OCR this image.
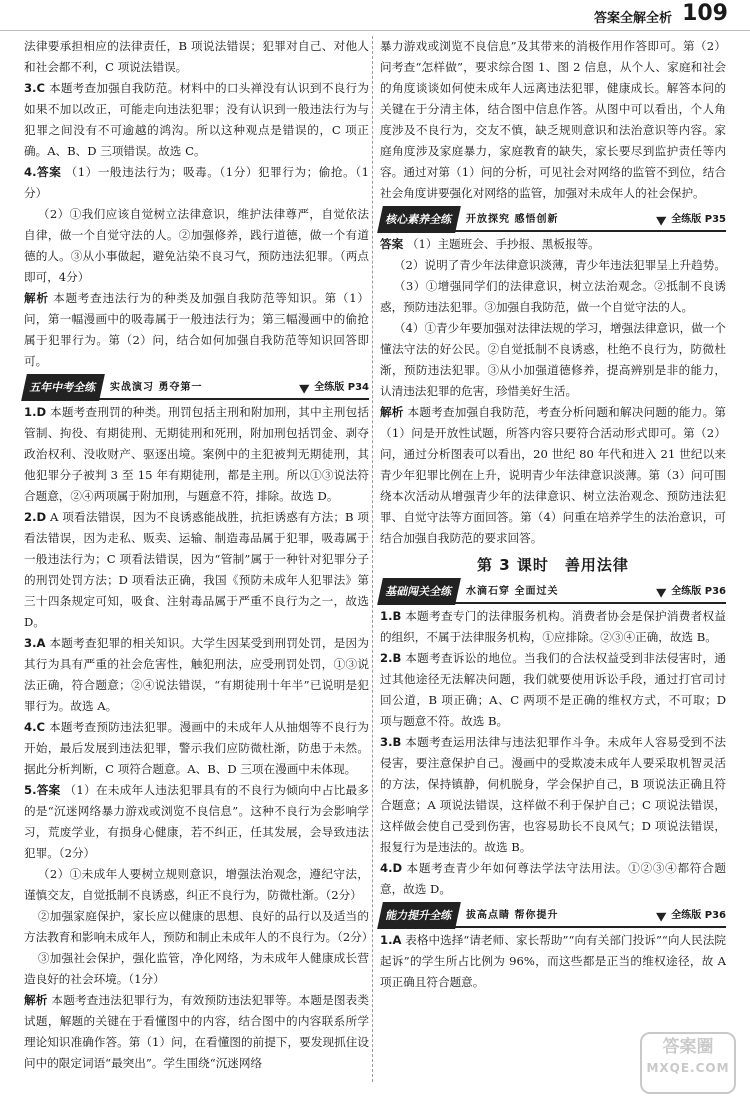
答案全解全析 109

法律要承担相应的法律责任，B 项说法错误；犯罪对自己、对他人和社会都不利，C 项说法错误。

3.C 本题考查加强自我防范。材料中的口头禅没有认识到不良行为如果不加以改正，可能走向违法犯罪；没有认识到一般违法行为与犯罪之间没有不可逾越的鸿沟。所以这种观点是错误的，C 项正确。A、B、D 三项错误。故选 C。

4.答案 （1）一般违法行为；吸毒。（1分）犯罪行为；偷抢。（1分）

（2）①我们应该自觉树立法律意识，维护法律尊严，自觉依法自律，做一个自觉守法的人。②加强修养，践行道德，做一个有道德的人。③从小事做起，避免沾染不良习气，预防违法犯罪。（两点即可，4分）

解析 本题考查违法行为的种类及加强自我防范等知识。第（1）问，第一幅漫画中的吸毒属于一般违法行为；第三幅漫画中的偷抢属于犯罪行为。第（2）问，结合如何加强自我防范等知识回答即可。

五年中考全练	实战演习 勇夺第一	全练版 P34

1.D 本题考查刑罚的种类。刑罚包括主刑和附加刑，其中主刑包括管制、拘役、有期徒刑、无期徒刑和死刑，附加刑包括罚金、剥夺政治权利、没收财产、驱逐出境。案例中的主犯被判无期徒刑，其他犯罪分子被判 3 至 15 年有期徒刑，都是主刑。所以①③说法符合题意，②④两项属于附加刑，与题意不符，排除。故选 D。

2.D A 项看法错误，因为不良诱惑能战胜，抗拒诱惑有方法；B 项看法错误，因为走私、贩卖、运输、制造毒品属于犯罪，吸毒属于一般违法行为；C 项看法错误，因为“管制”属于一种针对犯罪分子的刑罚处罚方法；D 项看法正确，我国《预防未成年人犯罪法》第三十四条规定可知，吸食、注射毒品属于严重不良行为之一，故选 D。

3.A 本题考查犯罪的相关知识。大学生因某受到刑罚处罚，是因为其行为具有严重的社会危害性，触犯刑法，应受刑罚处罚，①③说法正确，符合题意；②④说法错误，“有期徒刑十年半”已说明是犯罪行为。故选 A。

4.C 本题考查预防违法犯罪。漫画中的未成年人从抽烟等不良行为开始，最后发展到违法犯罪，警示我们应防微杜渐，防患于未然。据此分析判断，C 项符合题意。A、B、D 三项在漫画中未体现。

5.答案 （1）在未成年人违法犯罪具有的不良行为倾向中占比最多的是“沉迷网络暴力游戏或浏览不良信息”。这种不良行为会影响学习，荒废学业，有损身心健康，若不纠正，任其发展，会导致违法犯罪。（2分）

（2）①未成年人要树立规则意识，增强法治观念，遵纪守法，谨慎交友，自觉抵制不良诱惑，纠正不良行为，防微杜渐。（2分）

②加强家庭保护，家长应以健康的思想、良好的品行以及适当的方法教育和影响未成年人，预防和制止未成年人的不良行为。（2分）

③加强社会保护，强化监管，净化网络，为未成年人健康成长营造良好的社会环境。（1分）

解析 本题考查违法犯罪行为，有效预防违法犯罪等。本题是图表类试题，解题的关键在于看懂图中的内容，结合图中的内容联系所学理论知识准确作答。第（1）问，在看懂图的前提下，要发现抓住设问中的限定词语“最突出”。学生围绕“沉迷网络

暴力游戏或浏览不良信息”及其带来的消极作用作答即可。第（2）问考查“怎样做”，要求综合图 1、图 2 信息，从个人、家庭和社会的角度谈谈如何使未成年人远离违法犯罪，健康成长。解答本问的关键在于分清主体，结合图中信息作答。从图中可以看出，个人角度涉及不良行为，交友不慎，缺乏规则意识和法治意识等内容。家庭角度涉及家庭暴力，家庭教育的缺失，家长要尽到监护责任等内容。通过对第（1）问的分析，可见社会对网络的监管不到位，结合社会角度讲要强化对网络的监管，加强对未成年人的社会保护。

核心素养全练	开放探究 感悟创新	全练版 P35

答案 （1）主题班会、手抄报、黑板报等。

（2）说明了青少年法律意识淡薄，青少年违法犯罪呈上升趋势。

（3）①增强同学们的法律意识，树立法治观念。②抵制不良诱惑，预防违法犯罪。③加强自我防范，做一个自觉守法的人。

（4）①青少年要加强对法律法规的学习，增强法律意识，做一个懂法守法的好公民。②自觉抵制不良诱惑，杜绝不良行为，防微杜渐，预防违法犯罪。③从小加强道德修养，提高辨别是非的能力，认清违法犯罪的危害，珍惜美好生活。

解析 本题考查加强自我防范，考查分析问题和解决问题的能力。第（1）问是开放性试题，所答内容只要符合活动形式即可。第（2）问，通过分析图表可以看出，20 世纪 80 年代和进入 21 世纪以来青少年犯罪比例在上升，说明青少年法律意识淡薄。第（3）问可围绕本次活动从增强青少年的法律意识、树立法治观念、预防违法犯罪、自觉守法等方面回答。第（4）问重在培养学生的法治意识，可结合加强自我防范的要求回答。

第 3 课时　善用法律
基础闯关全练	水滴石穿 全面过关	全练版 P36

1.B 本题考查专门的法律服务机构。消费者协会是保护消费者权益的组织，不属于法律服务机构，①应排除。②③④正确，故选 B。

2.B 本题考查诉讼的地位。当我们的合法权益受到非法侵害时，通过其他途径无法解决问题，我们就要使用诉讼手段，通过打官司讨回公道，B 项正确；A、C 两项不是正确的维权方式，不可取；D 项与题意不符。故选 B。

3.B 本题考查运用法律与违法犯罪作斗争。未成年人容易受到不法侵害，要注意保护自己。漫画中的受欺凌未成年人要采取机智灵活的方法，保持镇静，伺机脱身，学会保护自己，B 项说法正确且符合题意；A 项说法错误，这样做不利于保护自己；C 项说法错误，这样做会使自己受到伤害，也容易助长不良风气；D 项说法错误，报复行为是违法的。故选 B。

4.D 本题考查青少年如何尊法学法守法用法。①②③④都符合题意，故选 D。

能力提升全练	拔高点睛 帮你提升	全练版 P36

1.A 表格中选择“请老师、家长帮助”“向有关部门投诉”“向人民法院起诉”的学生所占比例为 96%，而这些都是正当的维权途径，故 A 项正确且符合题意。

答案圈
MXQE.COM
